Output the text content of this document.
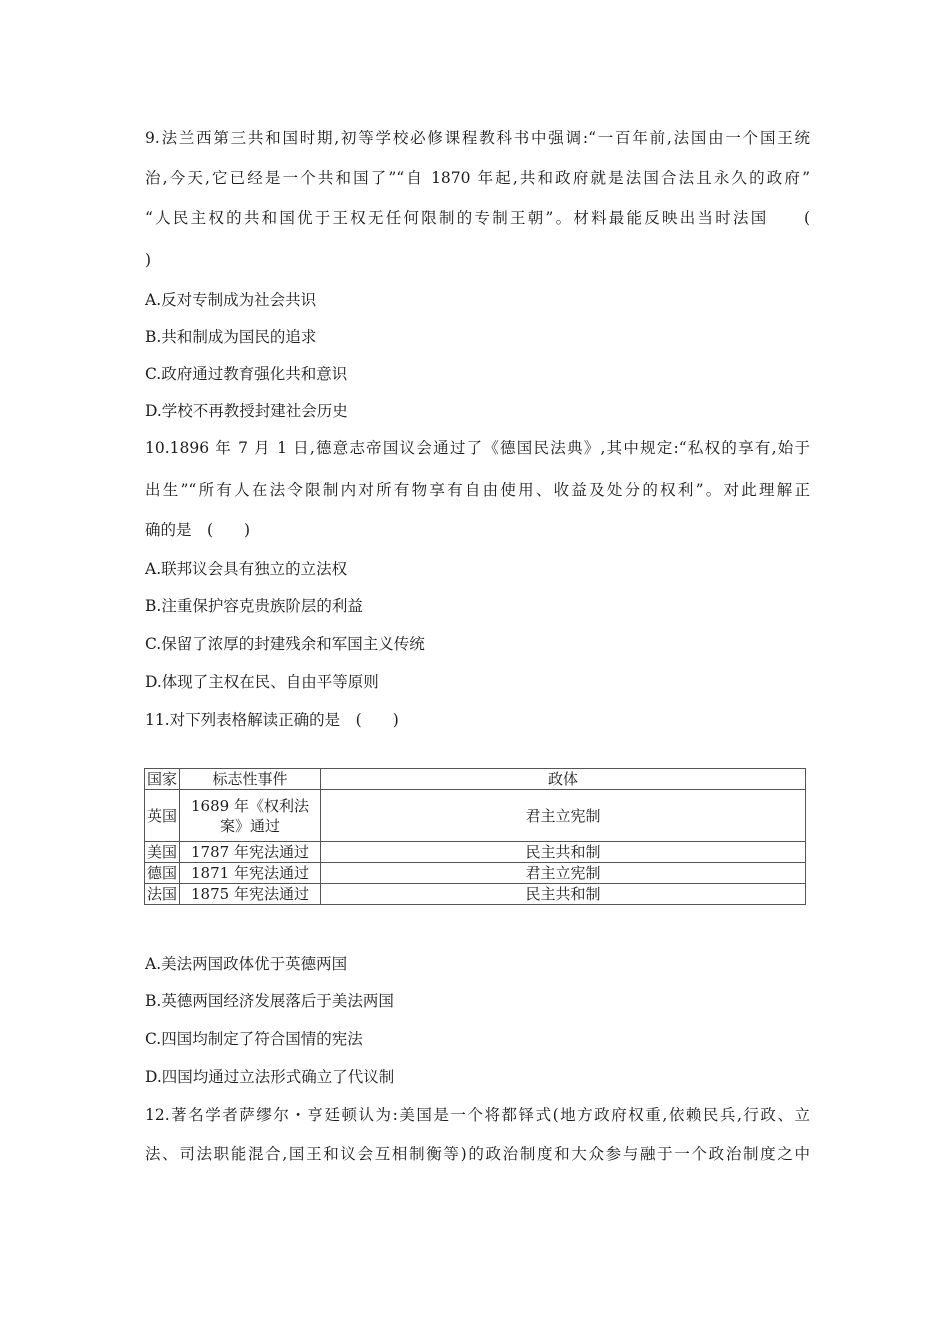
9.法兰西第三共和国时期,初等学校必修课程教科书中强调:“一百年前,法国由一个国王统
治,今天,它已经是一个共和国了”“自 1870 年起,共和政府就是法国合法且永久的政府”
“人民主权的共和国优于王权无任何限制的专制王朝”。材料最能反映出当时法国　　(
)
A.反对专制成为社会共识
B.共和制成为国民的追求
C.政府通过教育强化共和意识
D.学校不再教授封建社会历史
10.1896 年 7 月 1 日,德意志帝国议会通过了《德国民法典》,其中规定:“私权的享有,始于
出生”“所有人在法令限制内对所有物享有自由使用、收益及处分的权利”。对此理解正
确的是　(　　)
A.联邦议会具有独立的立法权
B.注重保护容克贵族阶层的利益
C.保留了浓厚的封建残余和军国主义传统
D.体现了主权在民、自由平等原则
11.对下列表格解读正确的是　(　　)
国家	标志性事件	政体
英国	1689 年《权利法案》通过	君主立宪制
美国	1787 年宪法通过	民主共和制
德国	1871 年宪法通过	君主立宪制
法国	1875 年宪法通过	民主共和制
A.美法两国政体优于英德两国
B.英德两国经济发展落后于美法两国
C.四国均制定了符合国情的宪法
D.四国均通过立法形式确立了代议制
12.著名学者萨缪尔・亨廷顿认为:美国是一个将都铎式(地方政府权重,依赖民兵,行政、立
法、司法职能混合,国王和议会互相制衡等)的政治制度和大众参与融于一个政治制度之中
